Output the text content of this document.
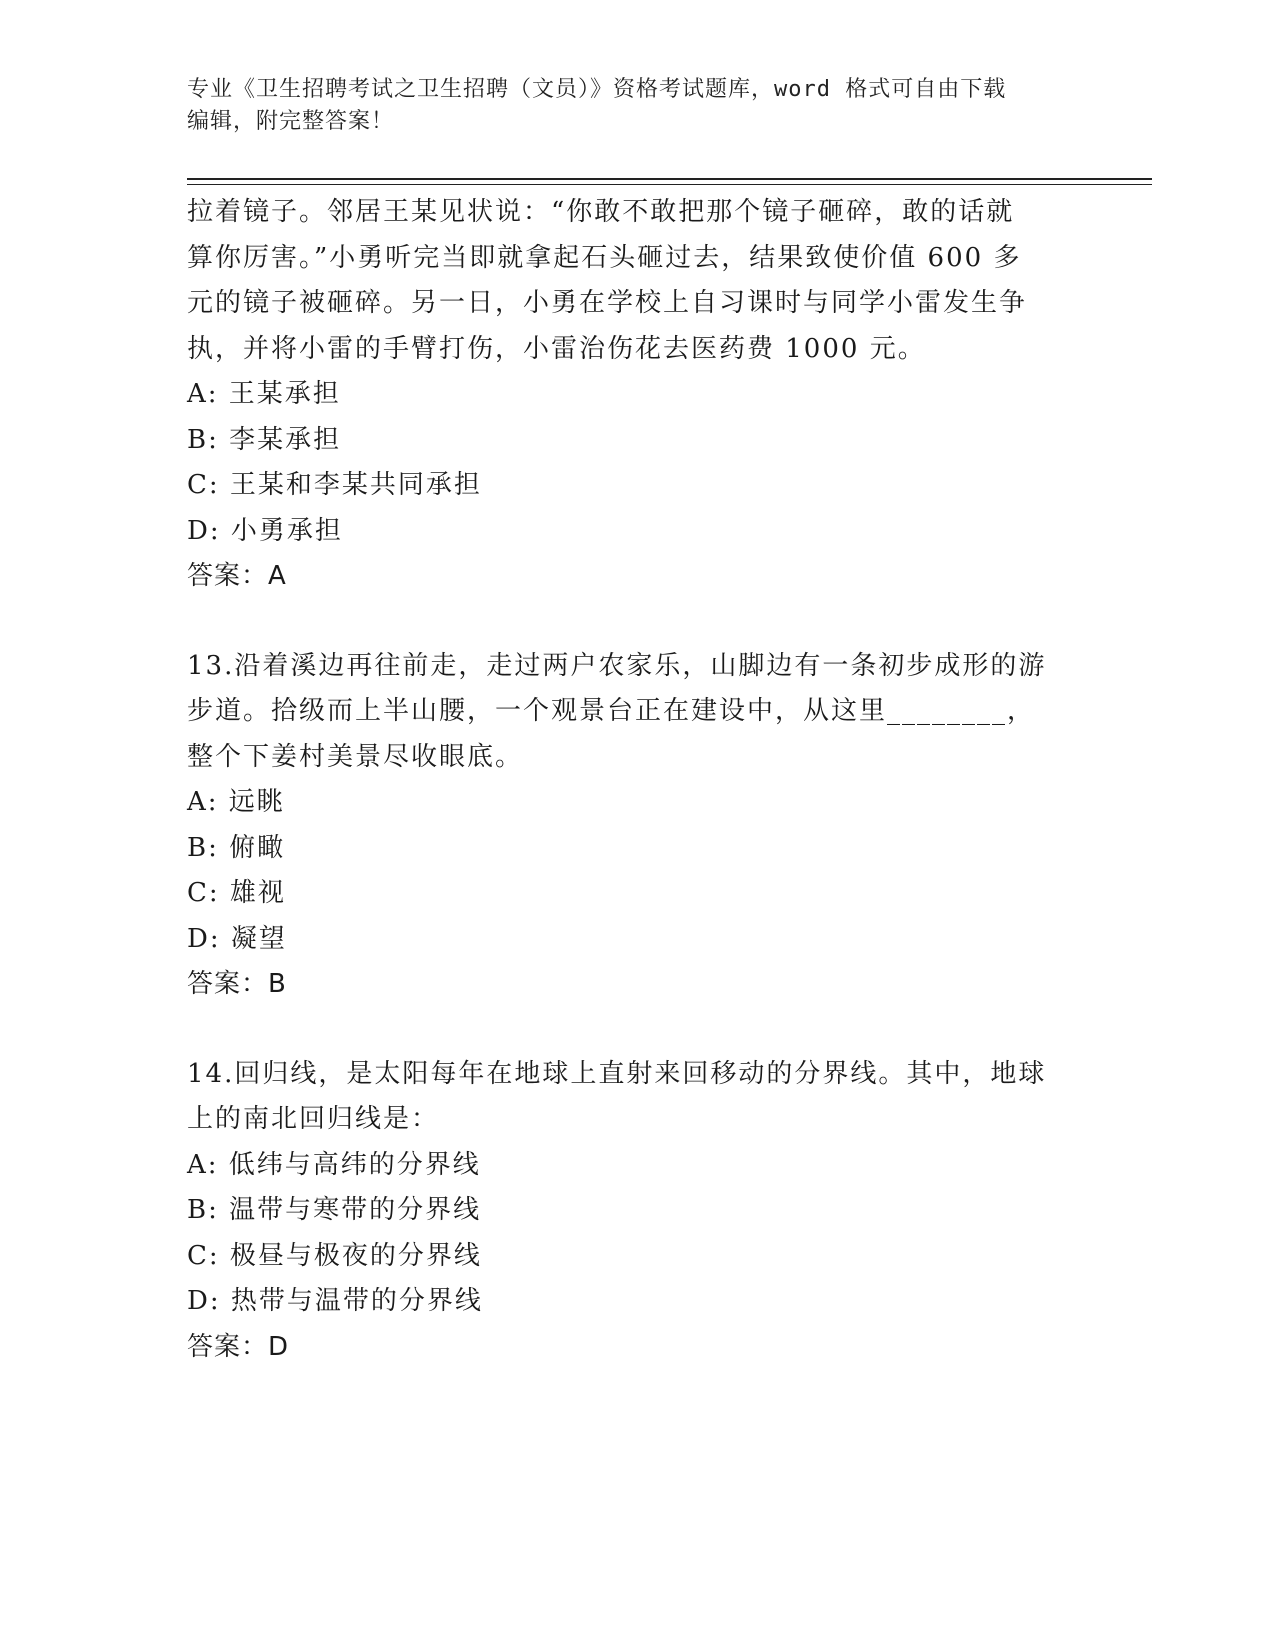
专业《卫生招聘考试之卫生招聘（文员）》资格考试题库，word 格式可自由下载
编辑，附完整答案！
拉着镜子。邻居王某见状说：“你敢不敢把那个镜子砸碎，敢的话就
算你厉害。”小勇听完当即就拿起石头砸过去，结果致使价值 600 多
元的镜子被砸碎。另一日，小勇在学校上自习课时与同学小雷发生争
执，并将小雷的手臂打伤，小雷治伤花去医药费 1000 元。
A: 王某承担
B: 李某承担
C: 王某和李某共同承担
D: 小勇承担
答案：A
13.沿着溪边再往前走，走过两户农家乐，山脚边有一条初步成形的游
步道。拾级而上半山腰，一个观景台正在建设中，从这里________，
整个下姜村美景尽收眼底。
A: 远眺
B: 俯瞰
C: 雄视
D: 凝望
答案：B
14.回归线，是太阳每年在地球上直射来回移动的分界线。其中，地球
上的南北回归线是：
A: 低纬与高纬的分界线
B: 温带与寒带的分界线
C: 极昼与极夜的分界线
D: 热带与温带的分界线
答案：D
